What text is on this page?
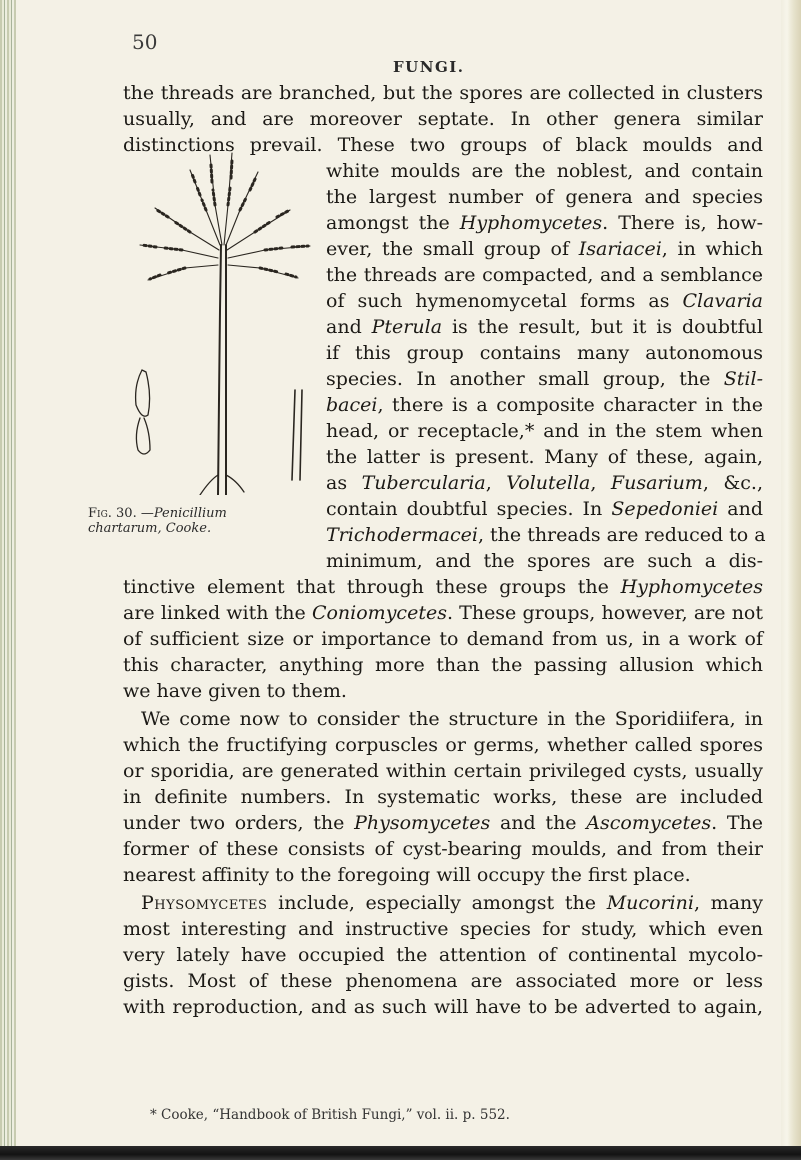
50
FUNGI.
Fig. 30. —Penicillium chartarum, Cooke.
the threads are branched, but the spores are collected in clusters
usually, and are moreover septate. In other genera similar
distinctions prevail. These two groups of black moulds and
white moulds are the noblest, and contain
the largest number of genera and species
amongst the Hyphomycetes. There is, how-
ever, the small group of Isariacei, in which
the threads are compacted, and a semblance
of such hymenomycetal forms as Clavaria
and Pterula is the result, but it is doubtful
if this group contains many autonomous
species. In another small group, the Stil-
bacei, there is a composite character in the
head, or receptacle,* and in the stem when
the latter is present. Many of these, again,
as Tubercularia, Volutella, Fusarium, &c.,
contain doubtful species. In Sepedoniei and
Trichodermacei, the threads are reduced to a
minimum, and the spores are such a dis-
tinctive element that through these groups the Hyphomycetes
are linked with the Coniomycetes. These groups, however, are not
of sufficient size or importance to demand from us, in a work of
this character, anything more than the passing allusion which
we have given to them.
We come now to consider the structure in the Sporidiifera, in
which the fructifying corpuscles or germs, whether called spores
or sporidia, are generated within certain privileged cysts, usually
in definite numbers. In systematic works, these are included
under two orders, the Physomycetes and the Ascomycetes. The
former of these consists of cyst-bearing moulds, and from their
nearest affinity to the foregoing will occupy the first place.
Physomycetes include, especially amongst the Mucorini, many
most interesting and instructive species for study, which even
very lately have occupied the attention of continental mycolo-
gists. Most of these phenomena are associated more or less
with reproduction, and as such will have to be adverted to again,
* Cooke, “Handbook of British Fungi,” vol. ii. p. 552.
